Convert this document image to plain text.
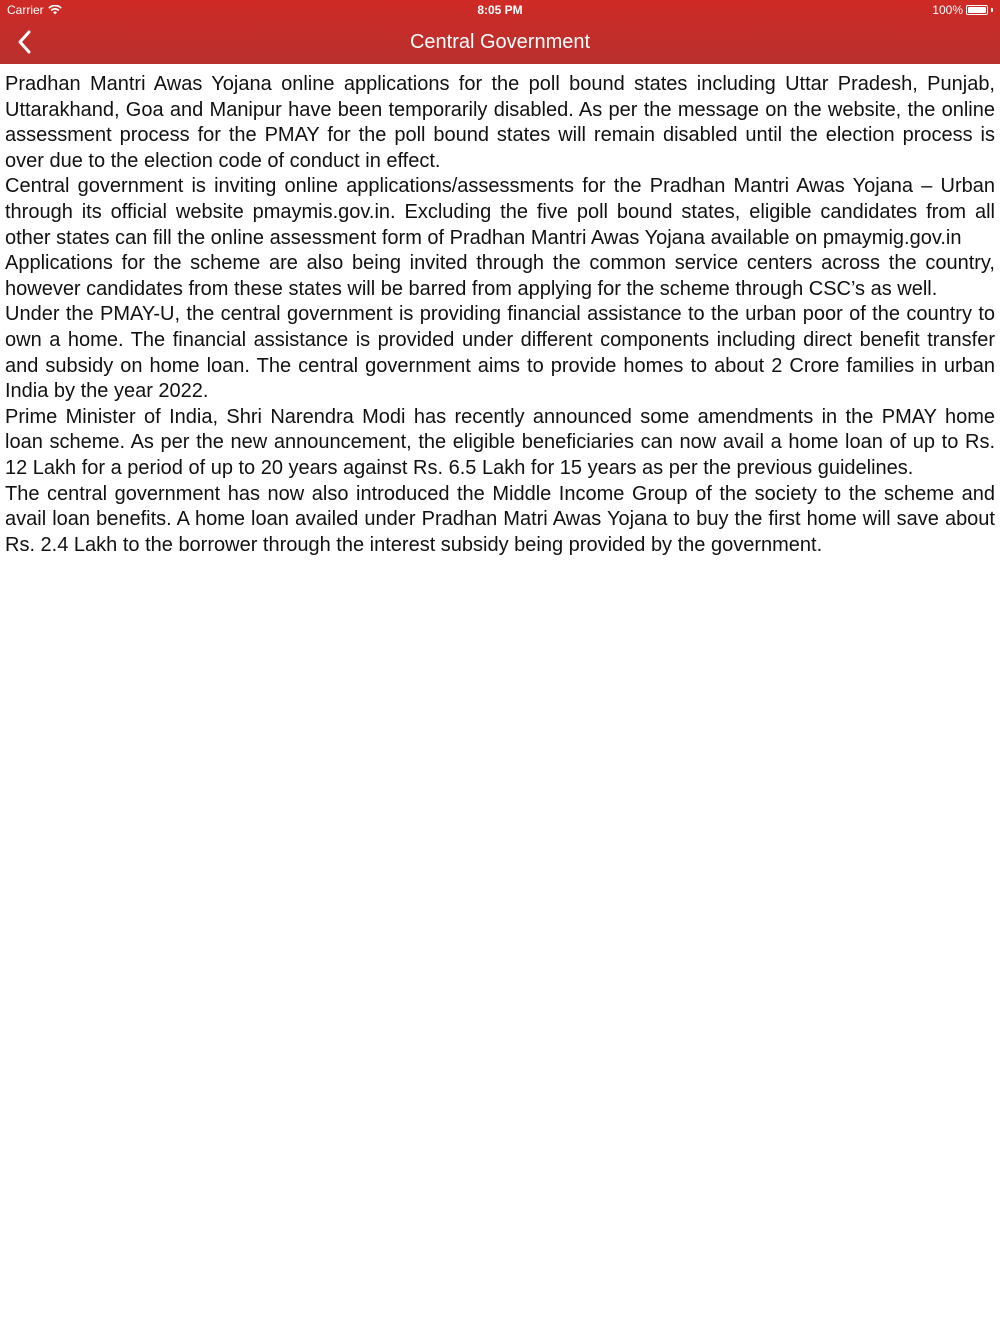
Carrier	8:05 PM	100%
Central Government

Pradhan Mantri Awas Yojana online applications for the poll bound states including Uttar Pradesh, Punjab, Uttarakhand, Goa and Manipur have been temporarily disabled. As per the message on the website, the online assessment process for the PMAY for the poll bound states will remain disabled until the election process is over due to the election code of conduct in effect.

Central government is inviting online applications/assessments for the Pradhan Mantri Awas Yojana – Urban through its official website pmaymis.gov.in. Excluding the five poll bound states, eligible candidates from all other states can fill the online assessment form of Pradhan Mantri Awas Yojana available on pmaymig.gov.in

Applications for the scheme are also being invited through the common service centers across the country, however candidates from these states will be barred from applying for the scheme through CSC’s as well.

Under the PMAY-U, the central government is providing financial assistance to the urban poor of the country to own a home. The financial assistance is provided under different components including direct benefit transfer and subsidy on home loan. The central government aims to provide homes to about 2 Crore families in urban India by the year 2022.

Prime Minister of India, Shri Narendra Modi has recently announced some amendments in the PMAY home loan scheme. As per the new announcement, the eligible beneficiaries can now avail a home loan of up to Rs. 12 Lakh for a period of up to 20 years against Rs. 6.5 Lakh for 15 years as per the previous guidelines.

The central government has now also introduced the Middle Income Group of the society to the scheme and avail loan benefits. A home loan availed under Pradhan Matri Awas Yojana to buy the first home will save about Rs. 2.4 Lakh to the borrower through the interest subsidy being provided by the government.
